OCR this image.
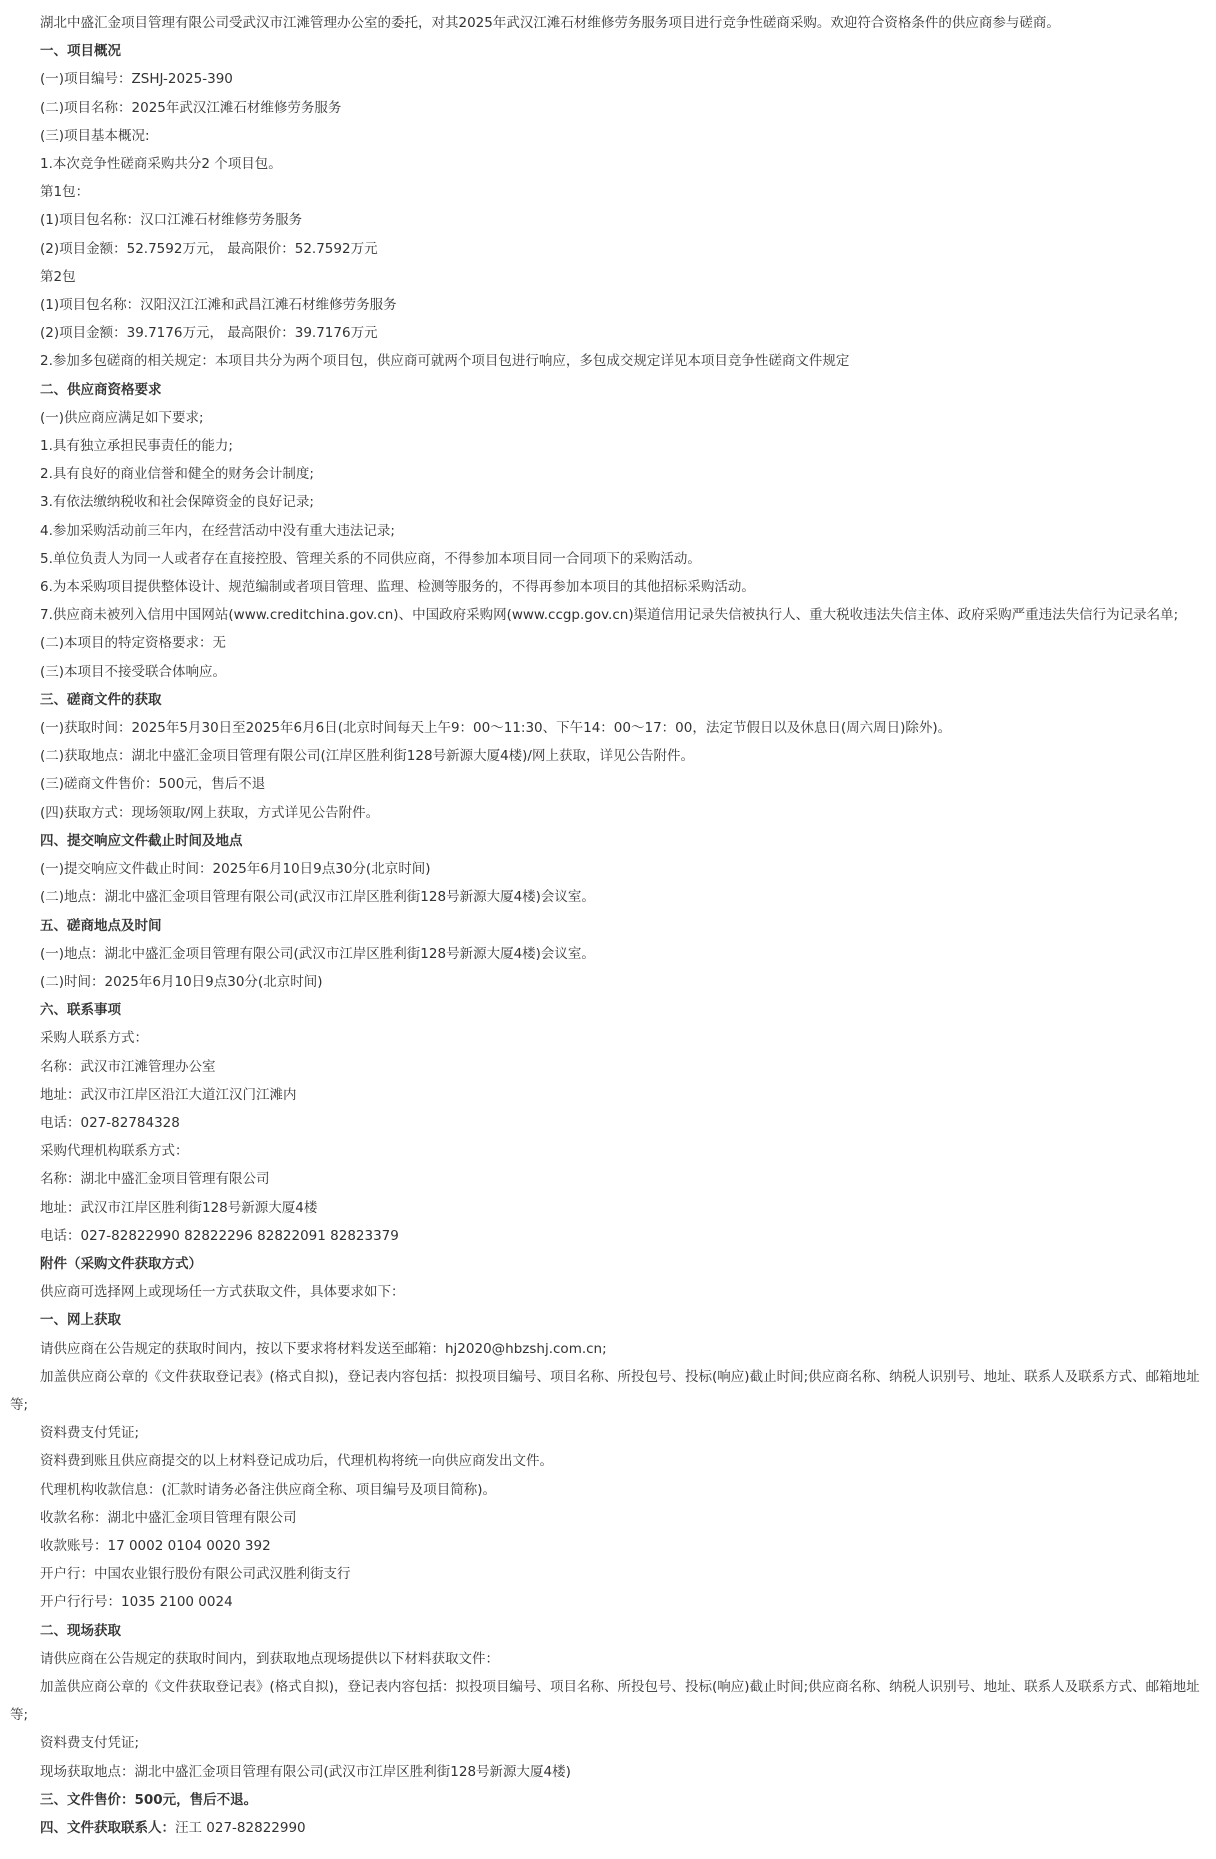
湖北中盛汇金项目管理有限公司受武汉市江滩管理办公室的委托，对其2025年武汉江滩石材维修劳务服务项目进行竞争性磋商采购。欢迎符合资格条件的供应商参与磋商。

一、项目概况

(一)项目编号：ZSHJ-2025-390

(二)项目名称：2025年武汉江滩石材维修劳务服务

(三)项目基本概况:

1.本次竞争性磋商采购共分2 个项目包。

第1包：

(1)项目包名称：汉口江滩石材维修劳务服务

(2)项目金额：52.7592万元， 最高限价：52.7592万元

第2包

(1)项目包名称：汉阳汉江江滩和武昌江滩石材维修劳务服务

(2)项目金额：39.7176万元， 最高限价：39.7176万元

2.参加多包磋商的相关规定：本项目共分为两个项目包，供应商可就两个项目包进行响应，多包成交规定详见本项目竞争性磋商文件规定

二、供应商资格要求

(一)供应商应满足如下要求;

1.具有独立承担民事责任的能力;

2.具有良好的商业信誉和健全的财务会计制度;

3.有依法缴纳税收和社会保障资金的良好记录;

4.参加采购活动前三年内，在经营活动中没有重大违法记录;

5.单位负责人为同一人或者存在直接控股、管理关系的不同供应商，不得参加本项目同一合同项下的采购活动。

6.为本采购项目提供整体设计、规范编制或者项目管理、监理、检测等服务的，不得再参加本项目的其他招标采购活动。

7.供应商未被列入信用中国网站(www.creditchina.gov.cn)、中国政府采购网(www.ccgp.gov.cn)渠道信用记录失信被执行人、重大税收违法失信主体、政府采购严重违法失信行为记录名单;

(二)本项目的特定资格要求：无

(三)本项目不接受联合体响应。

三、磋商文件的获取

(一)获取时间：2025年5月30日至2025年6月6日(北京时间每天上午9：00～11:30、下午14：00～17：00，法定节假日以及休息日(周六周日)除外)。

(二)获取地点：湖北中盛汇金项目管理有限公司(江岸区胜利街128号新源大厦4楼)/网上获取，详见公告附件。

(三)磋商文件售价：500元，售后不退

(四)获取方式：现场领取/网上获取，方式详见公告附件。

四、提交响应文件截止时间及地点

(一)提交响应文件截止时间：2025年6月10日9点30分(北京时间)

(二)地点：湖北中盛汇金项目管理有限公司(武汉市江岸区胜利街128号新源大厦4楼)会议室。

五、磋商地点及时间

(一)地点：湖北中盛汇金项目管理有限公司(武汉市江岸区胜利街128号新源大厦4楼)会议室。

(二)时间：2025年6月10日9点30分(北京时间)

六、联系事项

采购人联系方式：

名称：武汉市江滩管理办公室

地址：武汉市江岸区沿江大道江汉门江滩内

电话：027-82784328

采购代理机构联系方式：

名称：湖北中盛汇金项目管理有限公司

地址：武汉市江岸区胜利街128号新源大厦4楼

电话：027-82822990 82822296 82822091 82823379

附件（采购文件获取方式）

供应商可选择网上或现场任一方式获取文件，具体要求如下：

一、网上获取

请供应商在公告规定的获取时间内，按以下要求将材料发送至邮箱：hj2020@hbzshj.com.cn;

加盖供应商公章的《文件获取登记表》(格式自拟)，登记表内容包括：拟投项目编号、项目名称、所投包号、投标(响应)截止时间;供应商名称、纳税人识别号、地址、联系人及联系方式、邮箱地址等;

资料费支付凭证;

资料费到账且供应商提交的以上材料登记成功后，代理机构将统一向供应商发出文件。

代理机构收款信息：(汇款时请务必备注供应商全称、项目编号及项目简称)。

收款名称：湖北中盛汇金项目管理有限公司

收款账号：17 0002 0104 0020 392

开户行：中国农业银行股份有限公司武汉胜利街支行

开户行行号：1035 2100 0024

二、现场获取

请供应商在公告规定的获取时间内，到获取地点现场提供以下材料获取文件：

加盖供应商公章的《文件获取登记表》(格式自拟)，登记表内容包括：拟投项目编号、项目名称、所投包号、投标(响应)截止时间;供应商名称、纳税人识别号、地址、联系人及联系方式、邮箱地址等;

资料费支付凭证;

现场获取地点：湖北中盛汇金项目管理有限公司(武汉市江岸区胜利街128号新源大厦4楼)

三、文件售价：500元，售后不退。

四、文件获取联系人：汪工 027-82822990
